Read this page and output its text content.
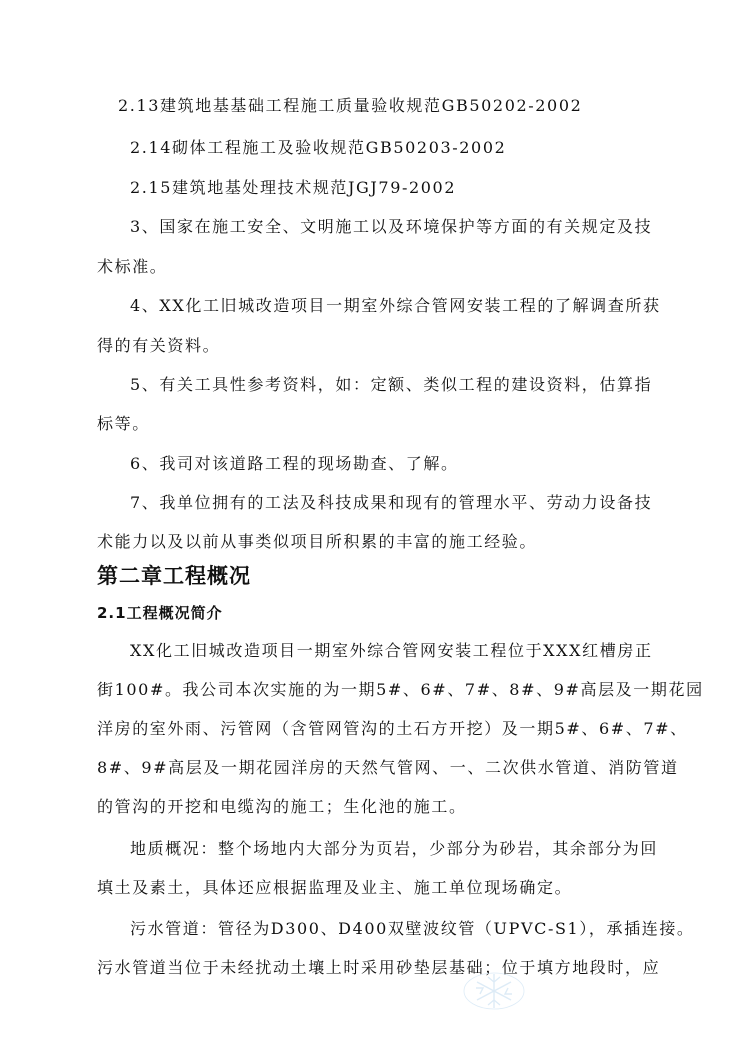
2.13建筑地基基础工程施工质量验收规范GB50202-2002
2.14砌体工程施工及验收规范GB50203-2002
2.15建筑地基处理技术规范JGJ79-2002
3、国家在施工安全、文明施工以及环境保护等方面的有关规定及技
术标准。
4、XX化工旧城改造项目一期室外综合管网安装工程的了解调查所获
得的有关资料。
5、有关工具性参考资料，如：定额、类似工程的建设资料，估算指
标等。
6、我司对该道路工程的现场勘查、了解。
7、我单位拥有的工法及科技成果和现有的管理水平、劳动力设备技
术能力以及以前从事类似项目所积累的丰富的施工经验。
第二章工程概况
2.1工程概况简介
XX化工旧城改造项目一期室外综合管网安装工程位于XXX红槽房正
街100#。我公司本次实施的为一期5#、6#、7#、8#、9#高层及一期花园
洋房的室外雨、污管网（含管网管沟的土石方开挖）及一期5#、6#、7#、
8#、9#高层及一期花园洋房的天然气管网、一、二次供水管道、消防管道
的管沟的开挖和电缆沟的施工；生化池的施工。
地质概况：整个场地内大部分为页岩，少部分为砂岩，其余部分为回
填土及素土，具体还应根据监理及业主、施工单位现场确定。
污水管道：管径为D300、D400双壁波纹管（UPVC-S1），承插连接。
污水管道当位于未经扰动土壤上时采用砂垫层基础；位于填方地段时，应
